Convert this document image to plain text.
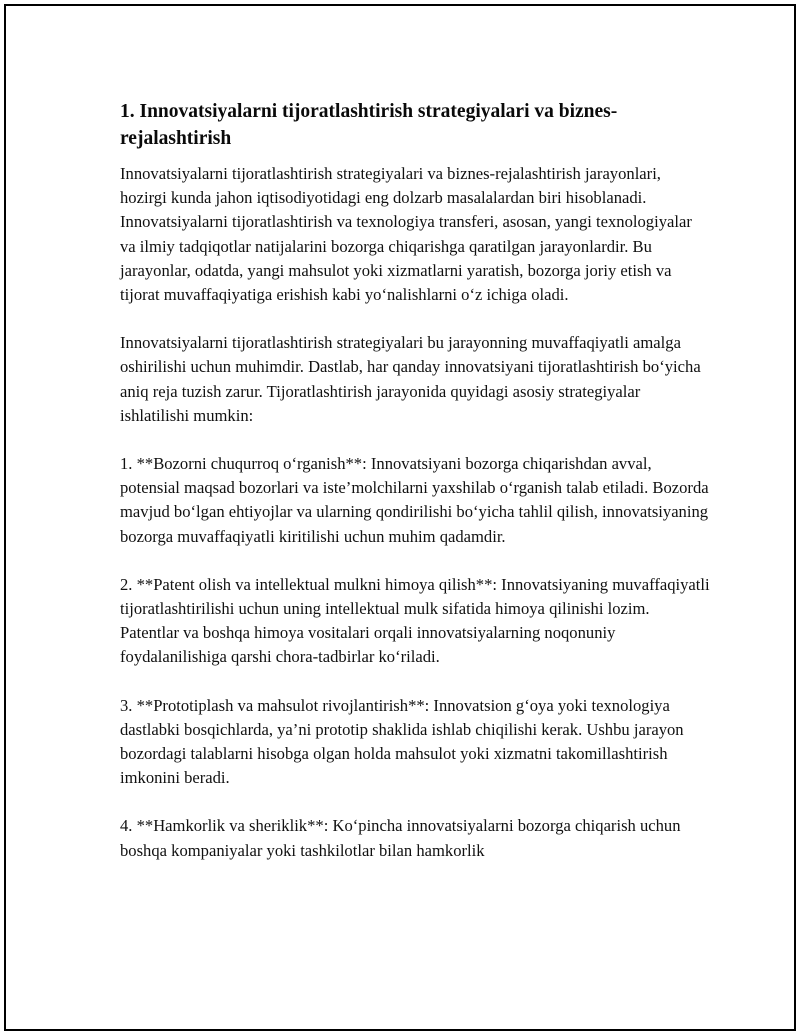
1. Innovatsiyalarni tijoratlashtirish strategiyalari va biznes-rejalashtirish

Innovatsiyalarni tijoratlashtirish strategiyalari va biznes-rejalashtirish jarayonlari, hozirgi kunda jahon iqtisodiyotidagi eng dolzarb masalalardan biri hisoblanadi. Innovatsiyalarni tijoratlashtirish va texnologiya transferi, asosan, yangi texnologiyalar va ilmiy tadqiqotlar natijalarini bozorga chiqarishga qaratilgan jarayonlardir. Bu jarayonlar, odatda, yangi mahsulot yoki xizmatlarni yaratish, bozorga joriy etish va tijorat muvaffaqiyatiga erishish kabi yo‘nalishlarni o‘z ichiga oladi.

Innovatsiyalarni tijoratlashtirish strategiyalari bu jarayonning muvaffaqiyatli amalga oshirilishi uchun muhimdir. Dastlab, har qanday innovatsiyani tijoratlashtirish bo‘yicha aniq reja tuzish zarur. Tijoratlashtirish jarayonida quyidagi asosiy strategiyalar ishlatilishi mumkin:

1. **Bozorni chuqurroq o‘rganish**: Innovatsiyani bozorga chiqarishdan avval, potensial maqsad bozorlari va iste’molchilarni yaxshilab o‘rganish talab etiladi. Bozorda mavjud bo‘lgan ehtiyojlar va ularning qondirilishi bo‘yicha tahlil qilish, innovatsiyaning bozorga muvaffaqiyatli kiritilishi uchun muhim qadamdir.

2. **Patent olish va intellektual mulkni himoya qilish**: Innovatsiyaning muvaffaqiyatli tijoratlashtirilishi uchun uning intellektual mulk sifatida himoya qilinishi lozim. Patentlar va boshqa himoya vositalari orqali innovatsiyalarning noqonuniy foydalanilishiga qarshi chora-tadbirlar ko‘riladi.

3. **Prototiplash va mahsulot rivojlantirish**: Innovatsion g‘oya yoki texnologiya dastlabki bosqichlarda, ya’ni prototip shaklida ishlab chiqilishi kerak. Ushbu jarayon bozordagi talablarni hisobga olgan holda mahsulot yoki xizmatni takomillashtirish imkonini beradi.

4. **Hamkorlik va sheriklik**: Ko‘pincha innovatsiyalarni bozorga chiqarish uchun boshqa kompaniyalar yoki tashkilotlar bilan hamkorlik
